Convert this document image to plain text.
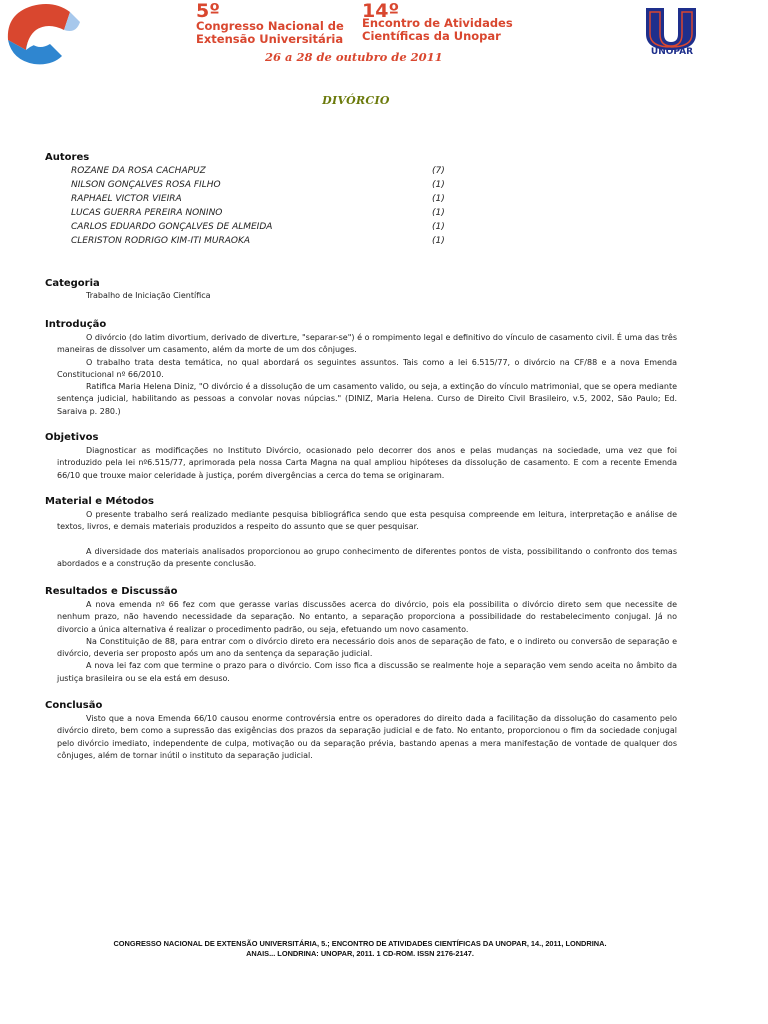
5º
Congresso Nacional de
Extensão Universitária
14º
Encontro de Atividades
Científicas da Unopar
26 a 28 de outubro de 2011	UNOPAR
DIVÓRCIO
Autores
ROZANE DA ROSA CACHAPUZ	(7)
NILSON GONÇALVES ROSA FILHO	(1)
RAPHAEL VICTOR VIEIRA	(1)
LUCAS GUERRA PEREIRA NONINO	(1)
CARLOS EDUARDO GONÇALVES DE ALMEIDA	(1)
CLERISTON RODRIGO KIM-ITI MURAOKA	(1)
Categoria
Trabalho de Iniciação Científica
Introdução

O divórcio (do latim divortium, derivado de divertʟre, "separar-se") é o rompimento legal e definitivo do vínculo de casamento civil. É uma das três maneiras de dissolver um casamento, além da morte de um dos cônjuges.

O trabalho trata desta temática, no qual abordará os seguintes assuntos. Tais como a lei 6.515/77, o divórcio na CF/88 e a nova Emenda Constitucional nº 66/2010.

Ratifica Maria Helena Diniz, "O divórcio é a dissolução de um casamento valido, ou seja, a extinção do vínculo matrimonial, que se opera mediante sentença judicial, habilitando as pessoas a convolar novas núpcias." (DINIZ, Maria Helena. Curso de Direito Civil Brasileiro, v.5, 2002, São Paulo; Ed. Saraiva p. 280.)

Objetivos

Diagnosticar as modificações no Instituto Divórcio, ocasionado pelo decorrer dos anos e pelas mudanças na sociedade, uma vez que foi introduzido pela lei nº6.515/77, aprimorada pela nossa Carta Magna na qual ampliou hipóteses da dissolução de casamento. E com a recente Emenda 66/10 que trouxe maior celeridade à justiça, porém divergências a cerca do tema se originaram.

Material e Métodos

O presente trabalho será realizado mediante pesquisa bibliográfica sendo que esta pesquisa compreende em leitura, interpretação e análise de textos, livros, e demais materiais produzidos a respeito do assunto que se quer pesquisar.

A diversidade dos materiais analisados proporcionou ao grupo conhecimento de diferentes pontos de vista, possibilitando o confronto dos temas abordados e a construção da presente conclusão.

Resultados e Discussão

A nova emenda nº 66 fez com que gerasse varias discussões acerca do divórcio, pois ela possibilita o divórcio direto sem que necessite de nenhum prazo, não havendo necessidade da separação. No entanto, a separação proporciona a possibilidade do restabelecimento conjugal. Já no divorcio a única alternativa é realizar o procedimento padrão, ou seja, efetuando um novo casamento.

Na Constituição de 88, para entrar com o divórcio direto era necessário dois anos de separação de fato, e o indireto ou conversão de separação e divórcio, deveria ser proposto após um ano da sentença da separação judicial.

A nova lei faz com que termine o prazo para o divórcio. Com isso fica a discussão se realmente hoje a separação vem sendo aceita no âmbito da justiça brasileira ou se ela está em desuso.

Conclusão

Visto que a nova Emenda 66/10 causou enorme controvérsia entre os operadores do direito dada a facilitação da dissolução do casamento pelo divórcio direto, bem como a supressão das exigências dos prazos da separação judicial e de fato. No entanto, proporcionou o fim da sociedade conjugal pelo divórcio imediato, independente de culpa, motivação ou da separação prévia, bastando apenas a mera manifestação de vontade de qualquer dos cônjuges, além de tornar inútil o instituto da separação judicial.

CONGRESSO NACIONAL DE EXTENSÃO UNIVERSITÁRIA, 5.; ENCONTRO DE ATIVIDADES CIENTÍFICAS DA UNOPAR, 14., 2011, LONDRINA.
ANAIS... LONDRINA: UNOPAR, 2011. 1 CD-ROM. ISSN 2176-2147.
